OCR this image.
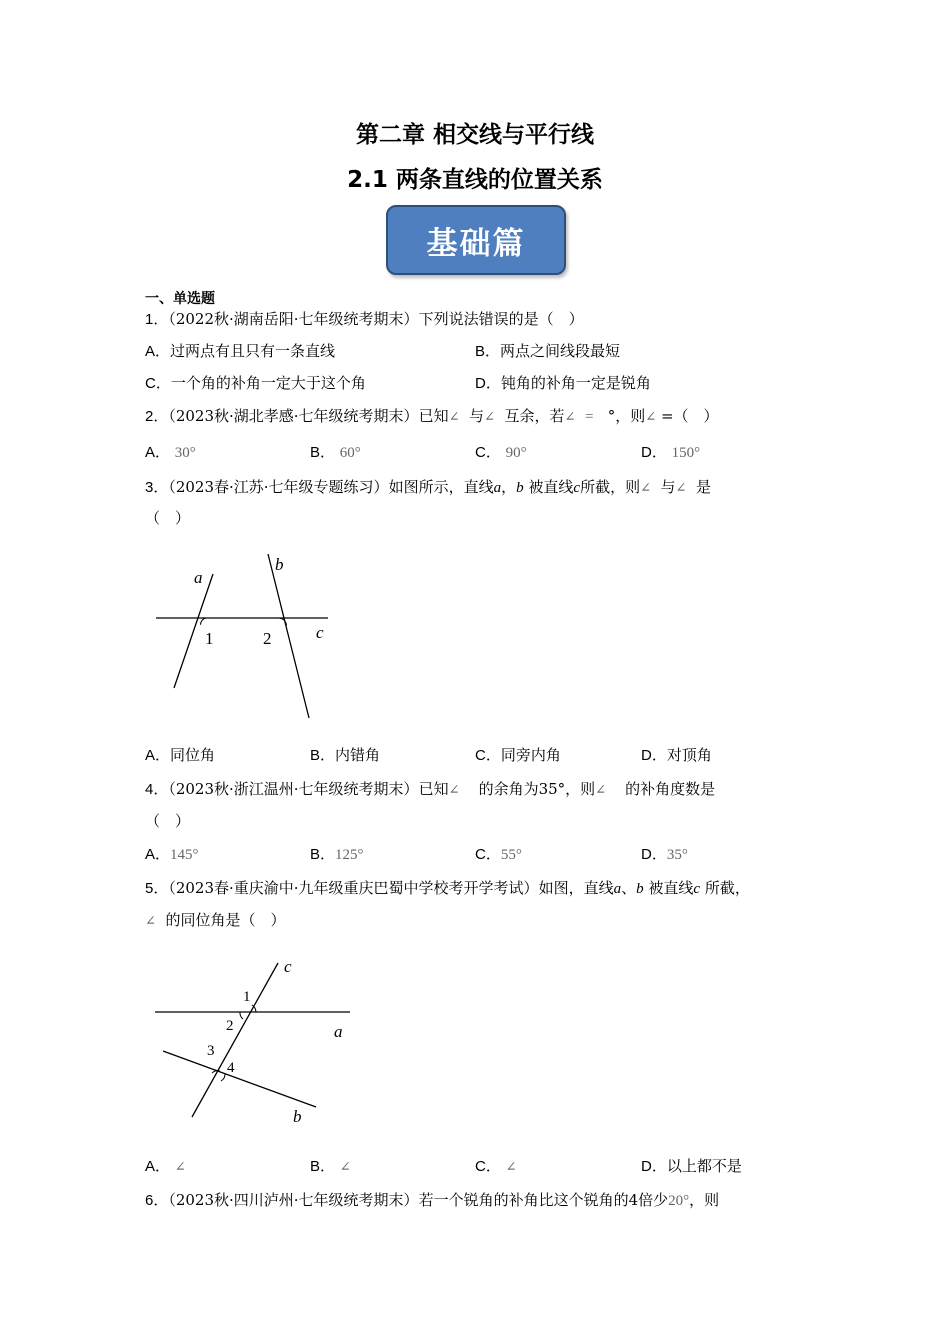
第二章 相交线与平行线
2.1 两条直线的位置关系
基础篇
一、单选题
1．（2022秋·湖南岳阳·七年级统考期末）下列说法错误的是（　）
A．过两点有且只有一条直线	B．两点之间线段最短
C．一个角的补角一定大于这个角	D．钝角的补角一定是锐角
2．（2023秋·湖北孝感·七年级统考期末）已知∠ 与∠ 互余，若∠ = °，则∠ =（　）
A． 30°	B． 60°	C． 90°	D． 150°
3．（2023春·江苏·七年级专题练习）如图所示，直线a，b 被直线c所截，则∠ 与∠ 是
（　）
a
b
c
1	2
A．同位角	B．内错角	C．同旁内角	D．对顶角
4．（2023秋·浙江温州·七年级统考期末）已知∠ 的余角为35°，则∠ 的补角度数是
（　）
A．145°	B．125°	C．55°	D．35°
5．（2023春·重庆渝中·九年级重庆巴蜀中学校考开学考试）如图，直线a、b 被直线c 所截，
∠ 的同位角是（　）
c
a
b
1
2
3
4
A． ∠	B． ∠	C． ∠	D．以上都不是
6．（2023秋·四川泸州·七年级统考期末）若一个锐角的补角比这个锐角的4倍少20°，则
